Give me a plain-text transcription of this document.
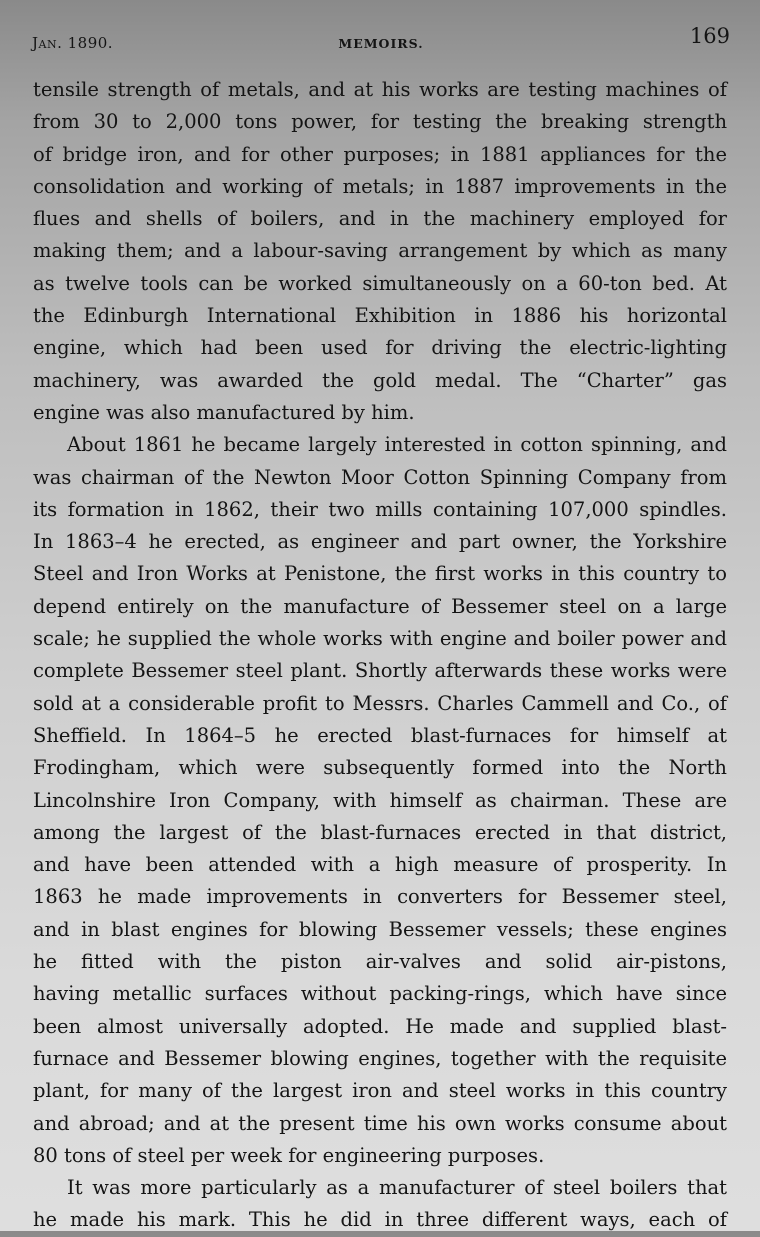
Jan. 1890.	MEMOIRS.	169
tensile strength of metals, and at his works are testing machines of
from 30 to 2,000 tons power, for testing the breaking strength
of bridge iron, and for other purposes; in 1881 appliances for the
consolidation and working of metals; in 1887 improvements in the
flues and shells of boilers, and in the machinery employed for
making them; and a labour-saving arrangement by which as many
as twelve tools can be worked simultaneously on a 60-ton bed. At
the Edinburgh International Exhibition in 1886 his horizontal
engine, which had been used for driving the electric-lighting
machinery, was awarded the gold medal. The “Charter” gas
engine was also manufactured by him.
About 1861 he became largely interested in cotton spinning, and
was chairman of the Newton Moor Cotton Spinning Company from
its formation in 1862, their two mills containing 107,000 spindles.
In 1863–4 he erected, as engineer and part owner, the Yorkshire
Steel and Iron Works at Penistone, the first works in this country to
depend entirely on the manufacture of Bessemer steel on a large
scale; he supplied the whole works with engine and boiler power and
complete Bessemer steel plant. Shortly afterwards these works were
sold at a considerable profit to Messrs. Charles Cammell and Co., of
Sheffield. In 1864–5 he erected blast-furnaces for himself at
Frodingham, which were subsequently formed into the North
Lincolnshire Iron Company, with himself as chairman. These are
among the largest of the blast-furnaces erected in that district,
and have been attended with a high measure of prosperity. In
1863 he made improvements in converters for Bessemer steel,
and in blast engines for blowing Bessemer vessels; these engines
he fitted with the piston air-valves and solid air-pistons,
having metallic surfaces without packing-rings, which have since
been almost universally adopted. He made and supplied blast-
furnace and Bessemer blowing engines, together with the requisite
plant, for many of the largest iron and steel works in this country
and abroad; and at the present time his own works consume about
80 tons of steel per week for engineering purposes.
It was more particularly as a manufacturer of steel boilers that
he made his mark. This he did in three different ways, each of
